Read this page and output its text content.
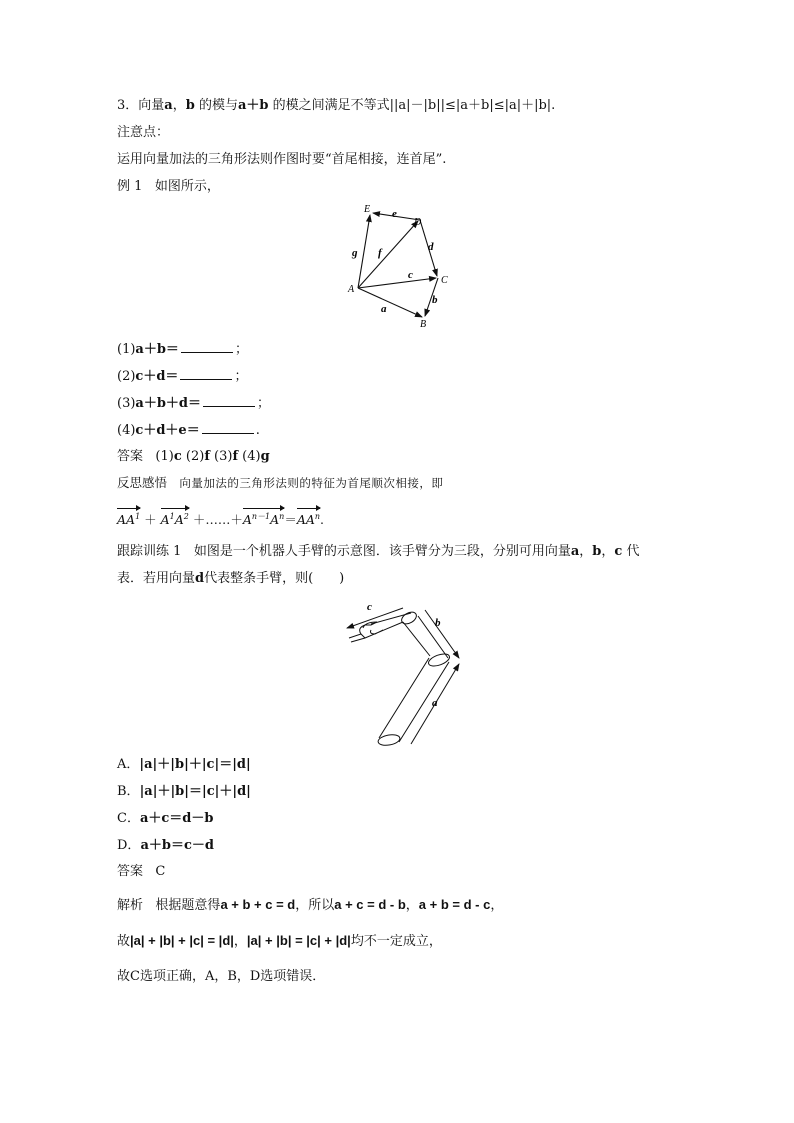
3．向量a，b 的模与a＋b 的模之间满足不等式||a|－|b||≤|a＋b|≤|a|＋|b|.
注意点：
运用向量加法的三角形法则作图时要“首尾相接，连首尾”.
例 1 如图所示，
E
D
C
A
B
e
d
c
f
g
a
b
(1)a＋b＝	；
(2)c＋d＝	；
(3)a＋b＋d＝	；
(4)c＋d＋e＝	.
答案 (1)c (2)f (3)f (4)g
反思感悟 向量加法的三角形法则的特征为首尾顺次相接，即
$AA^1 + A^1A^2$ $+\dots\dots+A^{n-1}A^n=AA^n$.
跟踪训练 1 如图是一个机器人手臂的示意图．该手臂分为三段，分别可用向量a，b，c 代
表．若用向量d代表整条手臂，则(　　)
c
b
a
A．|a|＋|b|＋|c|＝|d|
B．|a|＋|b|＝|c|＋|d|
C．a＋c＝d－b
D．a＋b＝c－d
答案 C
解析 根据题意得a + b + c = d，所以a + c = d - b，a + b = d - c，
故|a| + |b| + |c| = |d|，|a| + |b| = |c| + |d|均不一定成立，
故C选项正确，A，B，D选项错误．
